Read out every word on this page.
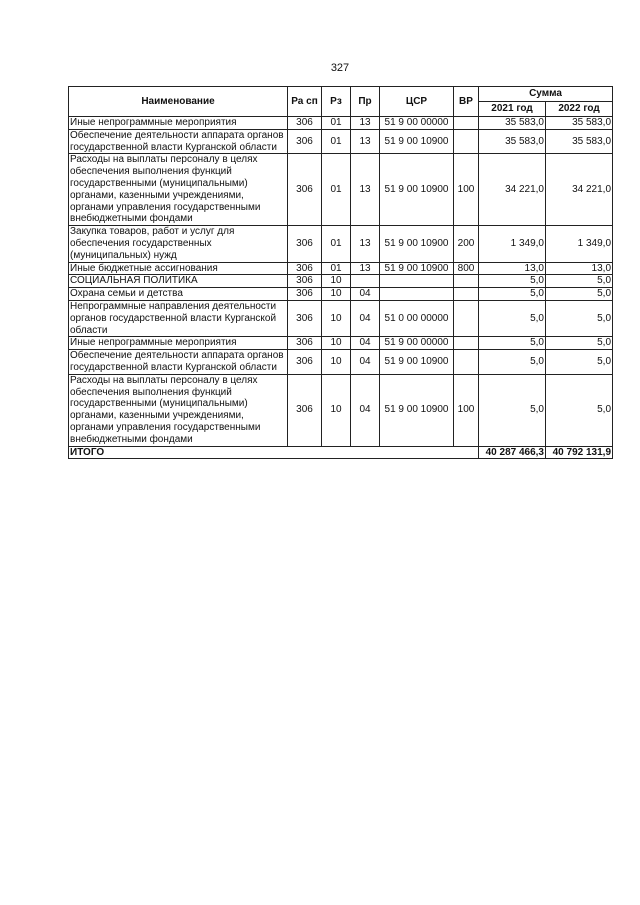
327
Наименование	Ра сп	Рз	Пр	ЦСР	ВР	Сумма	
						2021 год	2022 год
Иные непрограммные мероприятия	306	01	13	51 9 00 00000		35 583,0	35 583,0
Обеспечение деятельности аппарата органов государственной власти Курганской области	306	01	13	51 9 00 10900		35 583,0	35 583,0
Расходы на выплаты персоналу в целях обеспечения выполнения функций государственными (муниципальными) органами, казенными учреждениями, органами управления государственными внебюджетными фондами	306	01	13	51 9 00 10900	100	34 221,0	34 221,0
Закупка товаров, работ и услуг для обеспечения государственных (муниципальных) нужд	306	01	13	51 9 00 10900	200	1 349,0	1 349,0
Иные бюджетные ассигнования	306	01	13	51 9 00 10900	800	13,0	13,0
СОЦИАЛЬНАЯ ПОЛИТИКА	306	10				5,0	5,0
Охрана семьи и детства	306	10	04			5,0	5,0
Непрограммные направления деятельности органов государственной власти Курганской области	306	10	04	51 0 00 00000		5,0	5,0
Иные непрограммные мероприятия	306	10	04	51 9 00 00000		5,0	5,0
Обеспечение деятельности аппарата органов государственной власти Курганской области	306	10	04	51 9 00 10900		5,0	5,0
Расходы на выплаты персоналу в целях обеспечения выполнения функций государственными (муниципальными) органами, казенными учреждениями, органами управления государственными внебюджетными фондами	306	10	04	51 9 00 10900	100	5,0	5,0
ИТОГО						40 287 466,3	40 792 131,9
